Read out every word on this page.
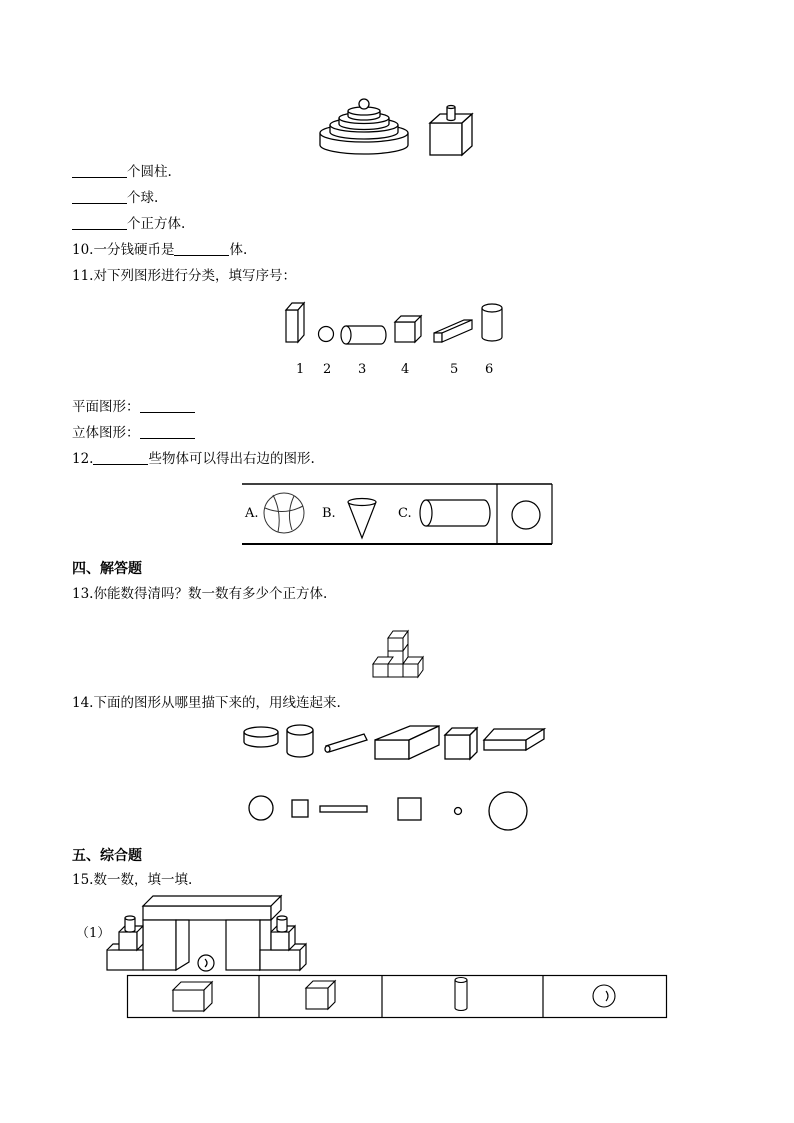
个圆柱.
个球.
个正方体.
10.一分钱硬币是	体.
11.对下列图形进行分类，填写序号：
1 2 3	4	5 6
平面图形：
立体图形：
12.	些物体可以得出右边的图形.
A.	B.	C.
四、解答题
13.你能数得清吗？数一数有多少个正方体.
14.下面的图形从哪里描下来的，用线连起来.
五、综合题
15.数一数，填一填.
（1）
